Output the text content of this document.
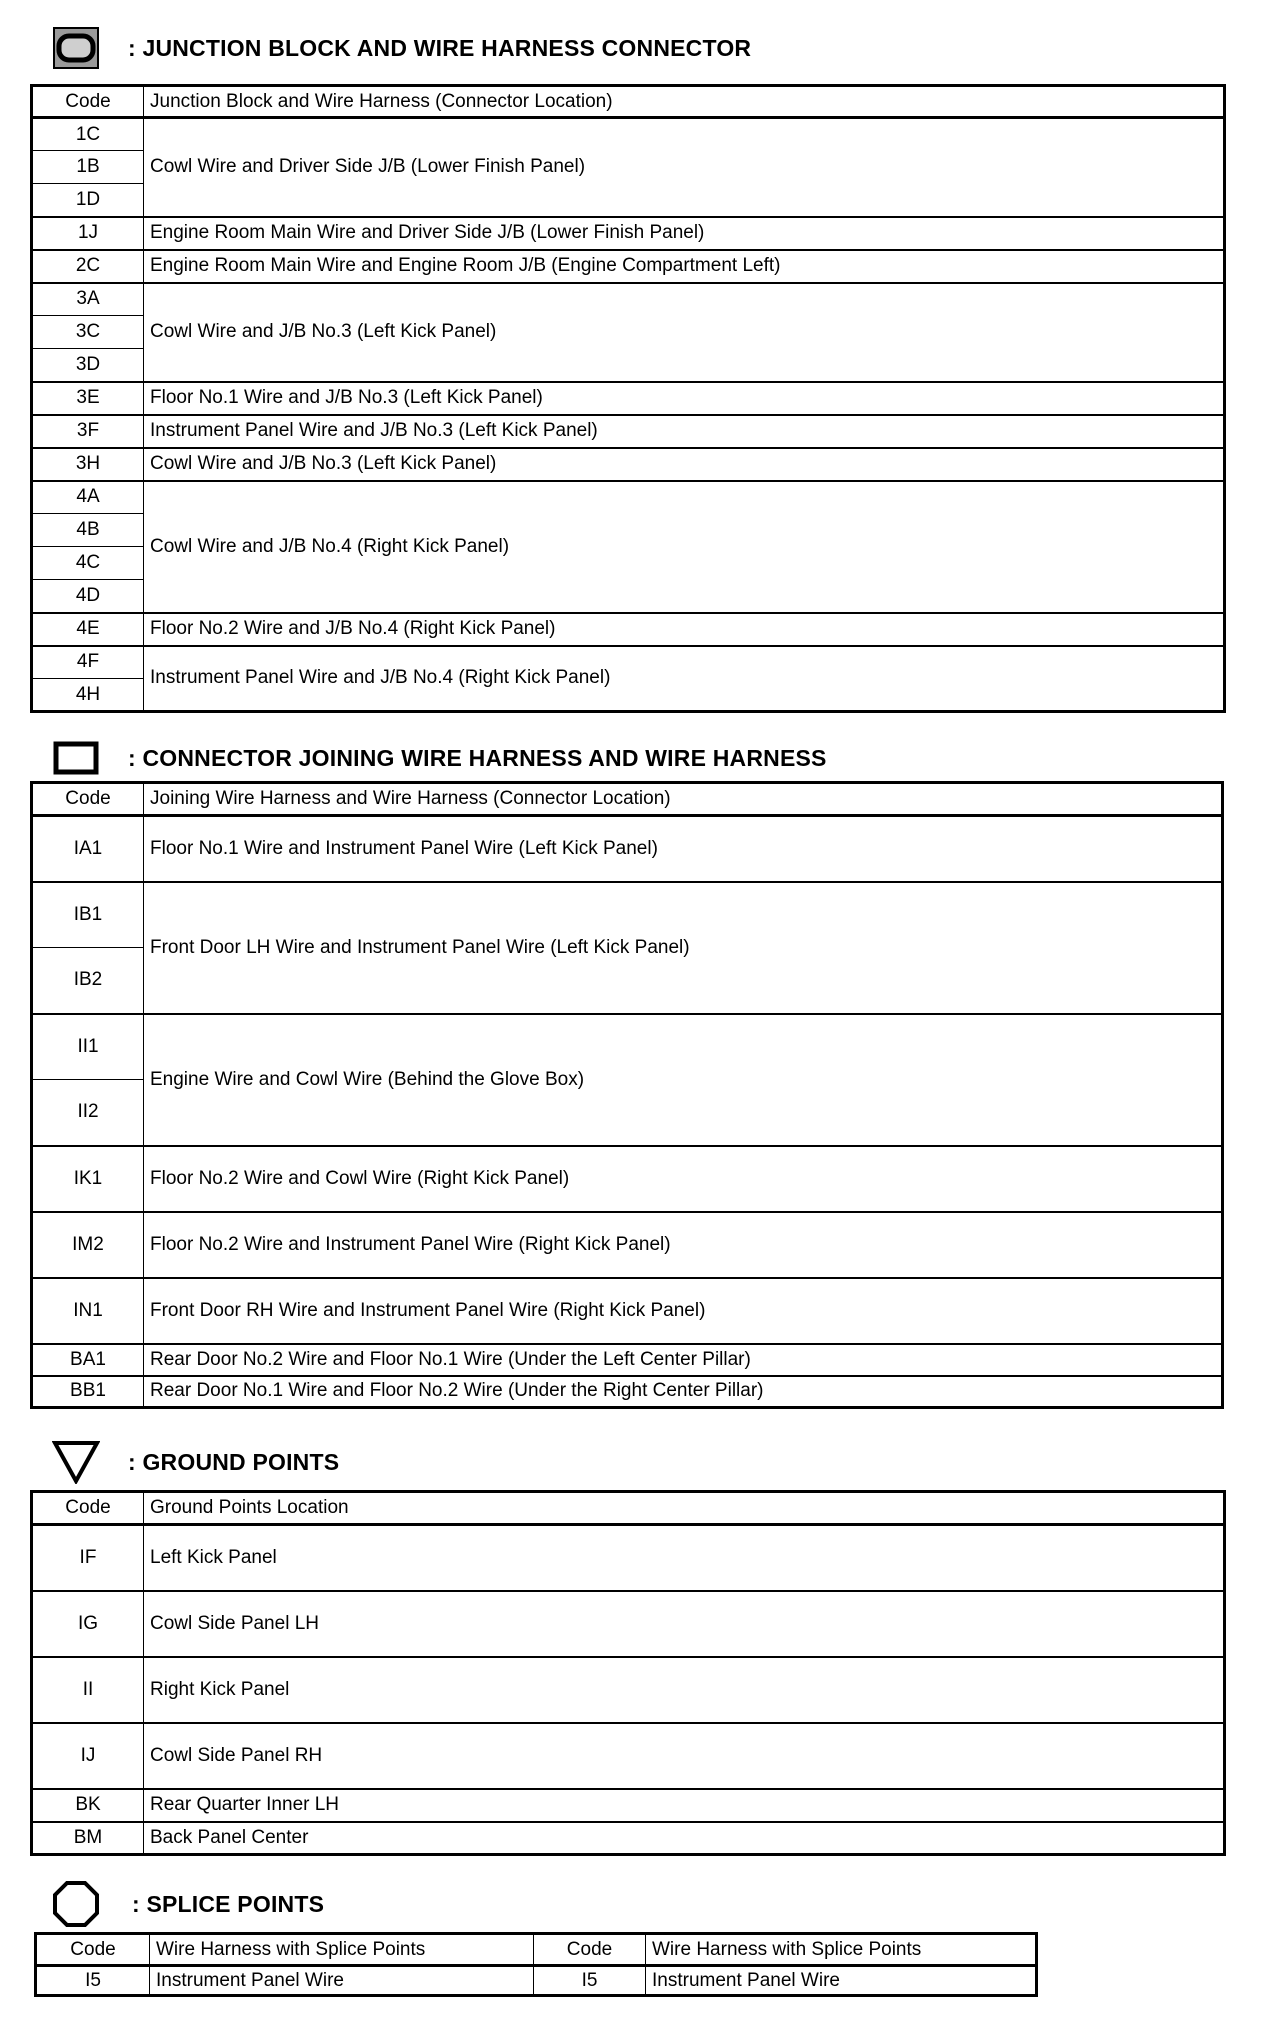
: JUNCTION BLOCK AND WIRE HARNESS CONNECTOR
Code	Junction Block and Wire Harness (Connector Location)
1C	Cowl Wire and Driver Side J/B (Lower Finish Panel)
1B	
1D	
1J	Engine Room Main Wire and Driver Side J/B (Lower Finish Panel)
2C	Engine Room Main Wire and Engine Room J/B (Engine Compartment Left)
3A	Cowl Wire and J/B No.3 (Left Kick Panel)
3C	
3D	
3E	Floor No.1 Wire and J/B No.3 (Left Kick Panel)
3F	Instrument Panel Wire and J/B No.3 (Left Kick Panel)
3H	Cowl Wire and J/B No.3 (Left Kick Panel)
4A	Cowl Wire and J/B No.4 (Right Kick Panel)
4B	
4C	
4D	
4E	Floor No.2 Wire and J/B No.4 (Right Kick Panel)
4F	Instrument Panel Wire and J/B No.4 (Right Kick Panel)
4H	
: CONNECTOR JOINING WIRE HARNESS AND WIRE HARNESS
Code	Joining Wire Harness and Wire Harness (Connector Location)
IA1	Floor No.1 Wire and Instrument Panel Wire (Left Kick Panel)
IB1	Front Door LH Wire and Instrument Panel Wire (Left Kick Panel)
IB2	
II1	Engine Wire and Cowl Wire (Behind the Glove Box)
II2	
IK1	Floor No.2 Wire and Cowl Wire (Right Kick Panel)
IM2	Floor No.2 Wire and Instrument Panel Wire (Right Kick Panel)
IN1	Front Door RH Wire and Instrument Panel Wire (Right Kick Panel)
BA1	Rear Door No.2 Wire and Floor No.1 Wire (Under the Left Center Pillar)
BB1	Rear Door No.1 Wire and Floor No.2 Wire (Under the Right Center Pillar)
: GROUND POINTS
Code	Ground Points Location
IF	Left Kick Panel
IG	Cowl Side Panel LH
II	Right Kick Panel
IJ	Cowl Side Panel RH
BK	Rear Quarter Inner LH
BM	Back Panel Center
: SPLICE POINTS
Code	Wire Harness with Splice Points	Code	Wire Harness with Splice Points
I5	Instrument Panel Wire	I5	Instrument Panel Wire
